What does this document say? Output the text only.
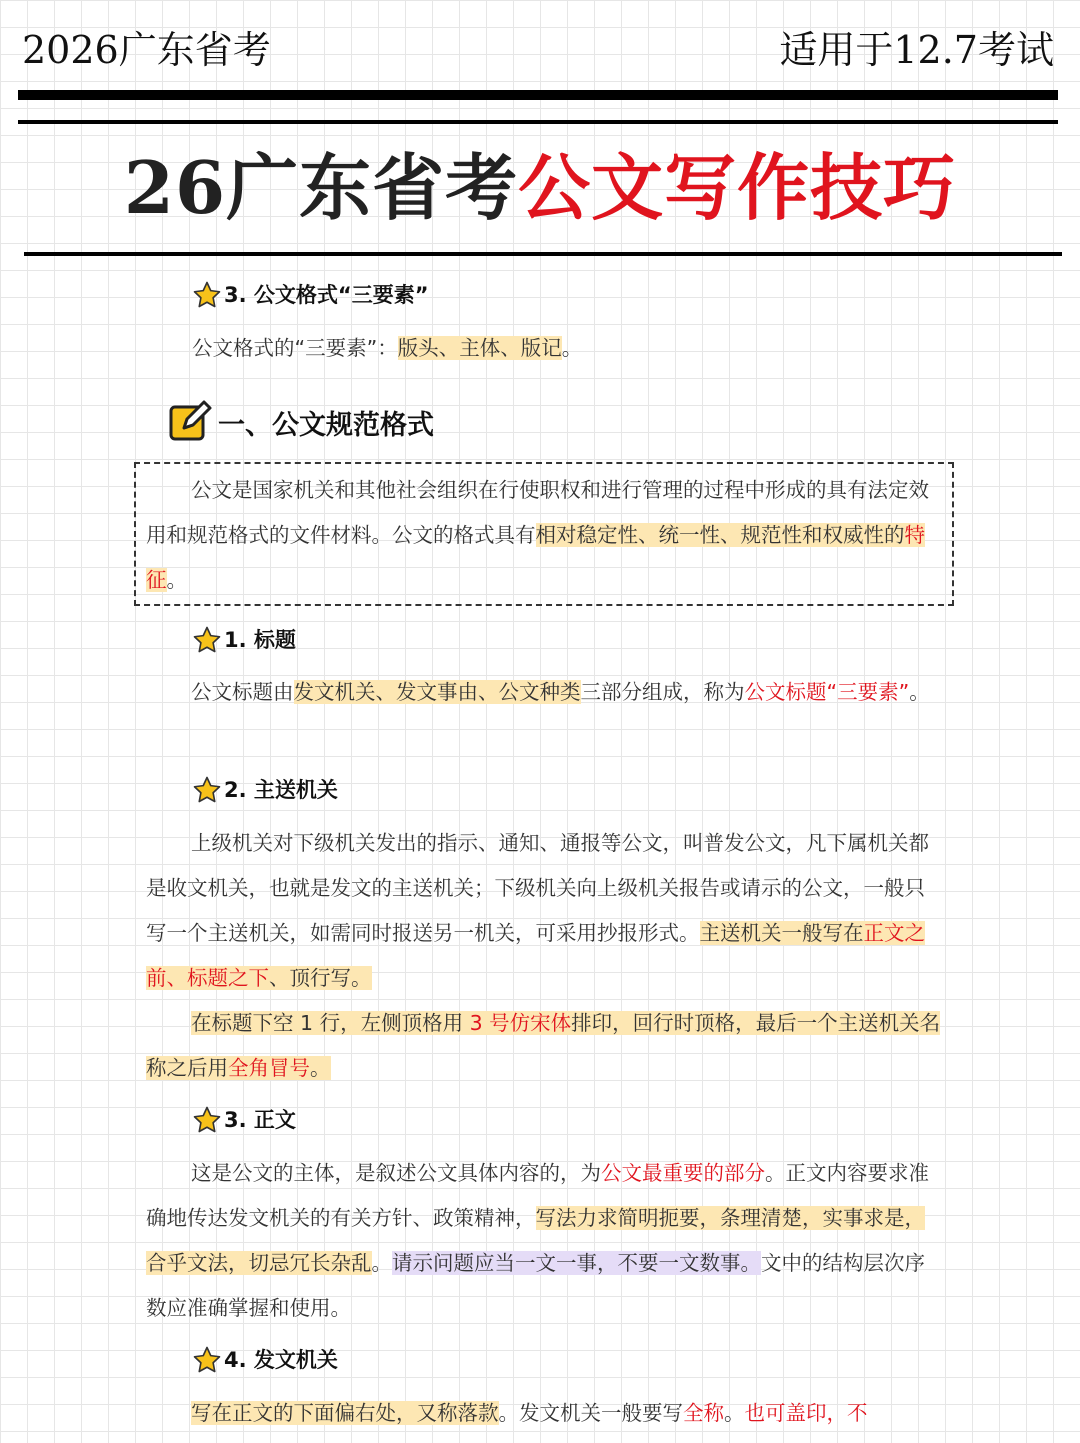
2026广东省考	适用于12.7考试
26广东省考公文写作技巧
3. 公文格式“三要素”
公文格式的“三要素”：版头、主体、版记。
一、公文规范格式
公文是国家机关和其他社会组织在行使职权和进行管理的过程中形成的具有法定效用和规范格式的文件材料。公文的格式具有相对稳定性、统一性、规范性和权威性的特征。
1. 标题
公文标题由发文机关、发文事由、公文种类三部分组成，称为公文标题“三要素”。
2. 主送机关
上级机关对下级机关发出的指示、通知、通报等公文，叫普发公文，凡下属机关都是收文机关，也就是发文的主送机关；下级机关向上级机关报告或请示的公文，一般只写一个主送机关，如需同时报送另一机关，可采用抄报形式。主送机关一般写在正文之前、标题之下、顶行写。
在标题下空 1 行，左侧顶格用 3 号仿宋体排印，回行时顶格，最后一个主送机关名称之后用全角冒号。
3. 正文
这是公文的主体，是叙述公文具体内容的，为公文最重要的部分。正文内容要求准确地传达发文机关的有关方针、政策精神，写法力求简明扼要，条理清楚，实事求是，合乎文法，切忌冗长杂乱。请示问题应当一文一事，不要一文数事。文中的结构层次序数应准确掌握和使用。
4. 发文机关
写在正文的下面偏右处，又称落款。发文机关一般要写全称。也可盖印，不
